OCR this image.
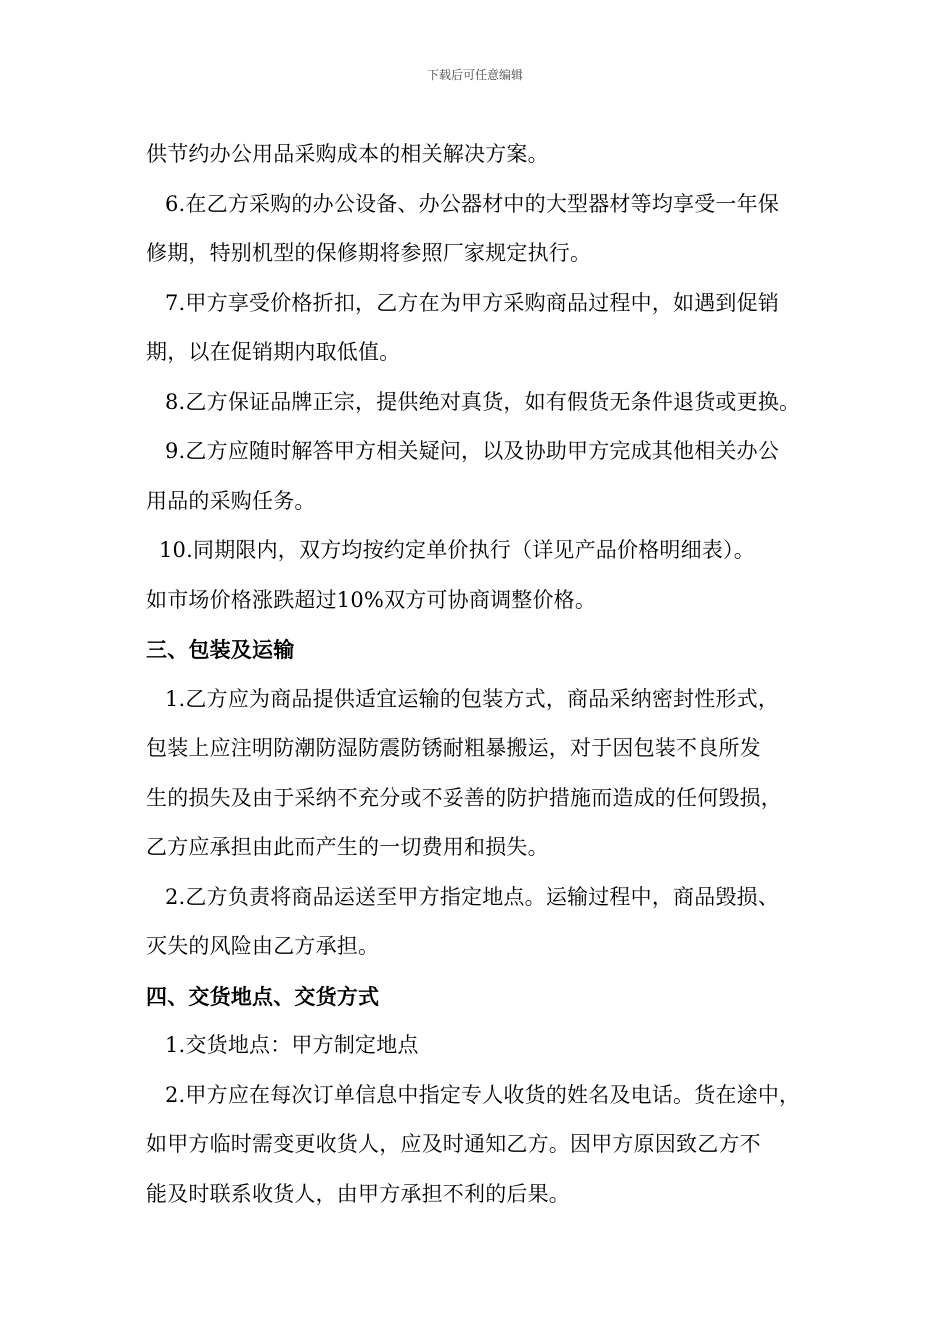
下载后可任意编辑
供节约办公用品采购成本的相关解决方案。
6.在乙方采购的办公设备、办公器材中的大型器材等均享受一年保
修期，特别机型的保修期将参照厂家规定执行。
7.甲方享受价格折扣，乙方在为甲方采购商品过程中，如遇到促销
期，以在促销期内取低值。
8.乙方保证品牌正宗，提供绝对真货，如有假货无条件退货或更换。
9.乙方应随时解答甲方相关疑问，以及协助甲方完成其他相关办公
用品的采购任务。
10.同期限内，双方均按约定单价执行（详见产品价格明细表）。
如市场价格涨跌超过10%双方可协商调整价格。
三、包装及运输
1.乙方应为商品提供适宜运输的包装方式，商品采纳密封性形式，
包装上应注明防潮防湿防震防锈耐粗暴搬运，对于因包装不良所发
生的损失及由于采纳不充分或不妥善的防护措施而造成的任何毁损，
乙方应承担由此而产生的一切费用和损失。
2.乙方负责将商品运送至甲方指定地点。运输过程中，商品毁损、
灭失的风险由乙方承担。
四、交货地点、交货方式
1.交货地点：甲方制定地点
2.甲方应在每次订单信息中指定专人收货的姓名及电话。货在途中，
如甲方临时需变更收货人，应及时通知乙方。因甲方原因致乙方不
能及时联系收货人，由甲方承担不利的后果。
